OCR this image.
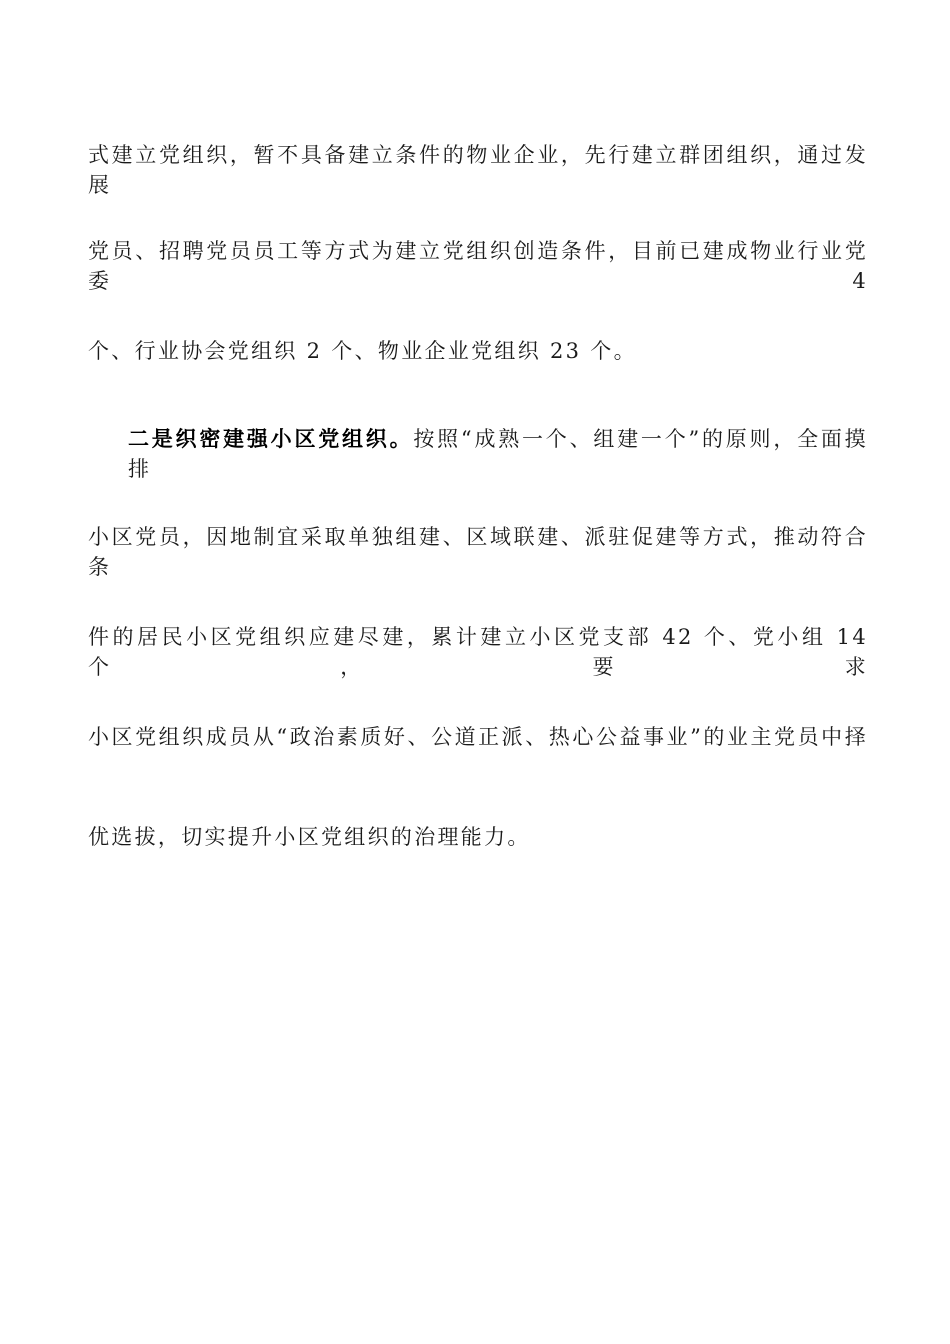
式建立党组织，暂不具备建立条件的物业企业，先行建立群团组织，通过发展
党员、招聘党员员工等方式为建立党组织创造条件，目前已建成物业行业党委 4
个、行业协会党组织 2 个、物业企业党组织 23 个。
二是织密建强小区党组织。按照“成熟一个、组建一个”的原则，全面摸排
小区党员，因地制宜采取单独组建、区域联建、派驻促建等方式，推动符合条
件的居民小区党组织应建尽建，累计建立小区党支部 42 个、党小组 14 个，要求
小区党组织成员从“政治素质好、公道正派、热心公益事业”的业主党员中择
优选拔，切实提升小区党组织的治理能力。
